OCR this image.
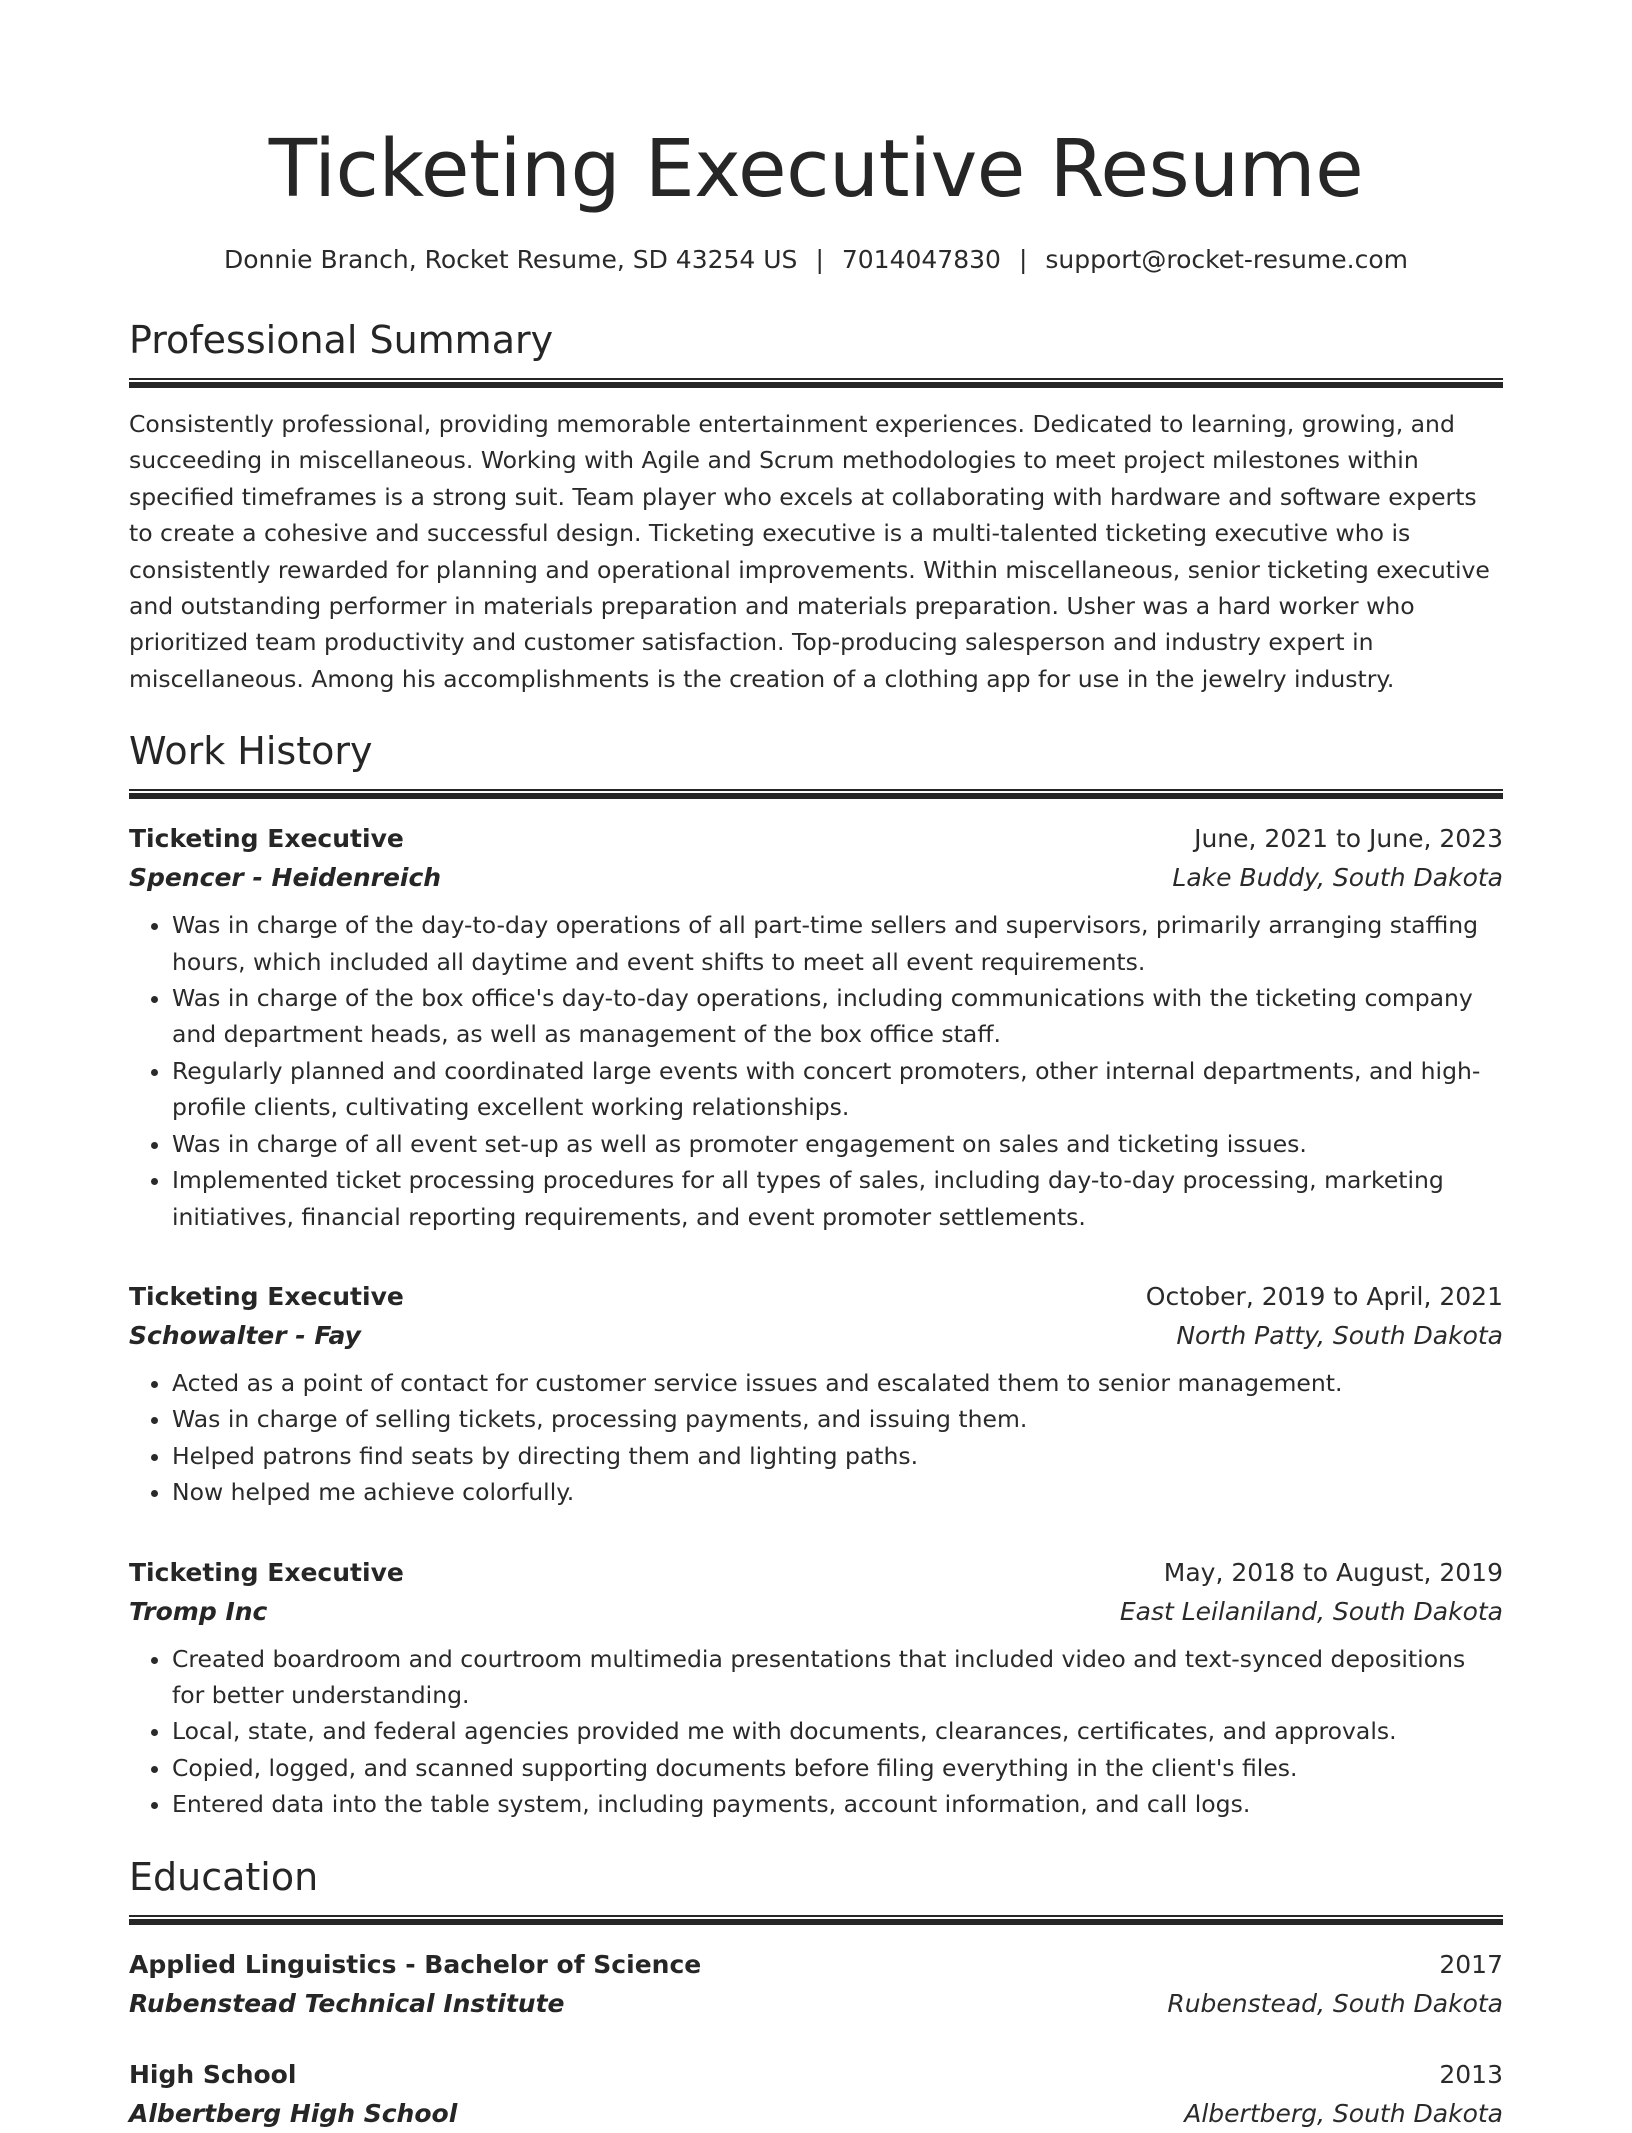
Ticketing Executive Resume
Donnie Branch, Rocket Resume, SD 43254 US | 7014047830 | support@rocket-resume.com
Professional Summary

Consistently professional, providing memorable entertainment experiences. Dedicated to learning, growing, and succeeding in miscellaneous. Working with Agile and Scrum methodologies to meet project milestones within specified timeframes is a strong suit. Team player who excels at collaborating with hardware and software experts to create a cohesive and successful design. Ticketing executive is a multi-talented ticketing executive who is consistently rewarded for planning and operational improvements. Within miscellaneous, senior ticketing executive and outstanding performer in materials preparation and materials preparation. Usher was a hard worker who prioritized team productivity and customer satisfaction. Top-producing salesperson and industry expert in miscellaneous. Among his accomplishments is the creation of a clothing app for use in the jewelry industry.

Work History
Ticketing Executive	June, 2021 to June, 2023
Spencer - Heidenreich	Lake Buddy, South Dakota
• Was in charge of the day-to-day operations of all part-time sellers and supervisors, primarily arranging staffing hours, which included all daytime and event shifts to meet all event requirements.
• Was in charge of the box office's day-to-day operations, including communications with the ticketing company and department heads, as well as management of the box office staff.
• Regularly planned and coordinated large events with concert promoters, other internal departments, and high-profile clients, cultivating excellent working relationships.
• Was in charge of all event set-up as well as promoter engagement on sales and ticketing issues.
• Implemented ticket processing procedures for all types of sales, including day-to-day processing, marketing initiatives, financial reporting requirements, and event promoter settlements.
Ticketing Executive	October, 2019 to April, 2021
Schowalter - Fay	North Patty, South Dakota
• Acted as a point of contact for customer service issues and escalated them to senior management.
• Was in charge of selling tickets, processing payments, and issuing them.
• Helped patrons find seats by directing them and lighting paths.
• Now helped me achieve colorfully.
Ticketing Executive	May, 2018 to August, 2019
Tromp Inc	East Leilaniland, South Dakota
• Created boardroom and courtroom multimedia presentations that included video and text-synced depositions for better understanding.
• Local, state, and federal agencies provided me with documents, clearances, certificates, and approvals.
• Copied, logged, and scanned supporting documents before filing everything in the client's files.
• Entered data into the table system, including payments, account information, and call logs.
Education
Applied Linguistics - Bachelor of Science	2017
Rubenstead Technical Institute	Rubenstead, South Dakota
High School	2013
Albertberg High School	Albertberg, South Dakota
